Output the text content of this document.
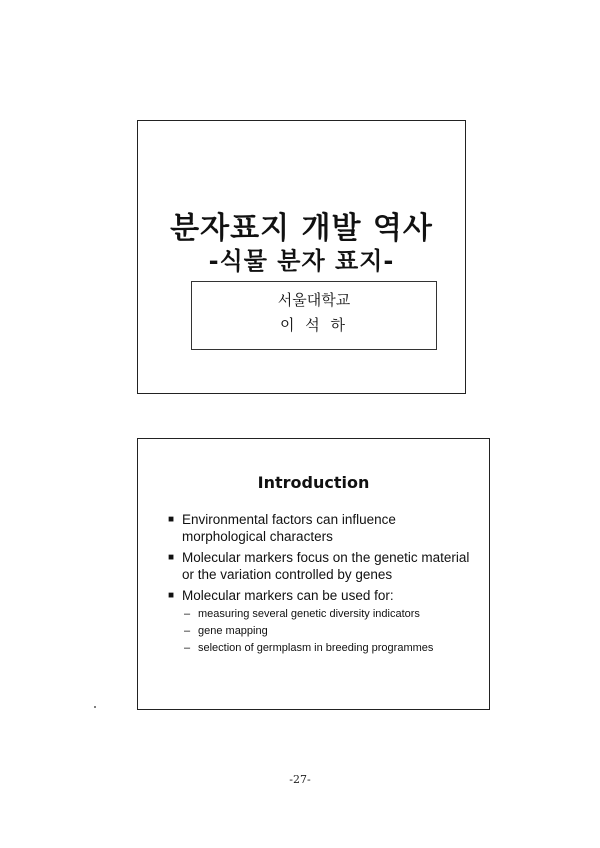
분자표지 개발 역사
-식물 분자 표지-
서울대학교
이 석 하
Introduction
■ Environmental factors can influence morphological characters
■ Molecular markers focus on the genetic material or the variation controlled by genes
■ Molecular markers can be used for:
– measuring several genetic diversity indicators
– gene mapping
– selection of germplasm in breeding programmes
-27-
